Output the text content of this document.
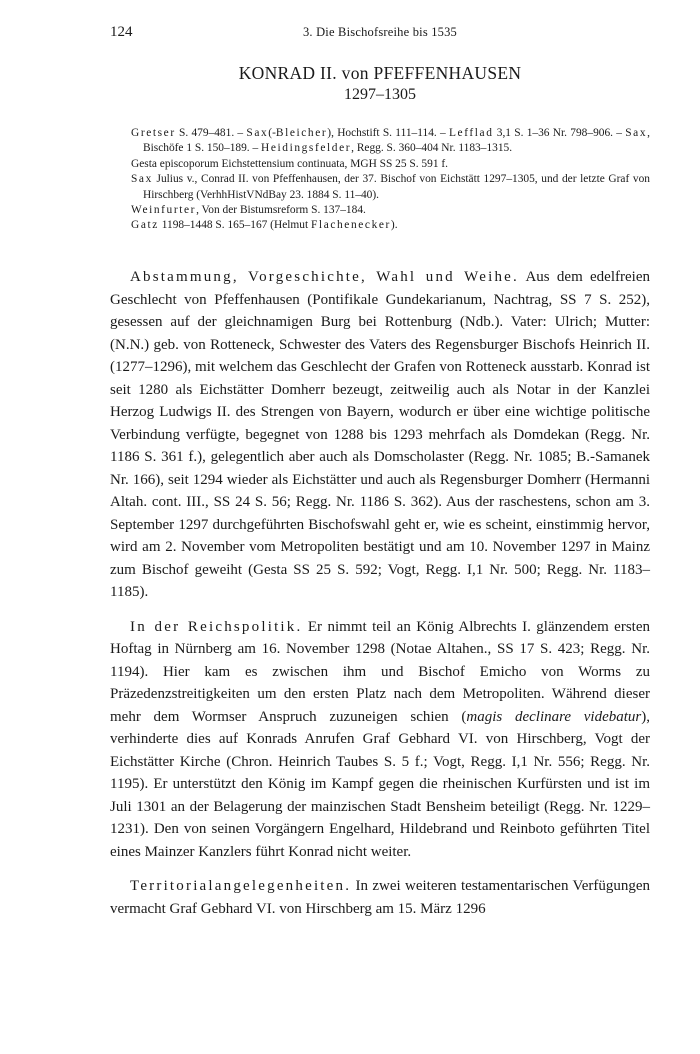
124	3. Die Bischofsreihe bis 1535
KONRAD II. von PFEFFENHAUSEN
1297–1305
Gretser S. 479–481. – Sax(-Bleicher), Hochstift S. 111–114. – Lefflad 3,1 S. 1–36 Nr. 798–906. – Sax, Bischöfe 1 S. 150–189. – Heidingsfelder, Regg. S. 360–404 Nr. 1183–1315.
Gesta episcoporum Eichstettensium continuata, MGH SS 25 S. 591 f.
Sax Julius v., Conrad II. von Pfeffenhausen, der 37. Bischof von Eichstätt 1297–1305, und der letzte Graf von Hirschberg (VerhhHistVNdBay 23. 1884 S. 11–40).
Weinfurter, Von der Bistumsreform S. 137–184.
Gatz 1198–1448 S. 165–167 (Helmut Flachenecker).

Abstammung, Vorgeschichte, Wahl und Weihe. Aus dem edelfreien Geschlecht von Pfeffenhausen (Pontifikale Gundekarianum, Nachtrag, SS 7 S. 252), gesessen auf der gleichnamigen Burg bei Rottenburg (Ndb.). Vater: Ulrich; Mutter: (N.N.) geb. von Rotteneck, Schwester des Vaters des Regensburger Bischofs Heinrich II. (1277–1296), mit welchem das Geschlecht der Grafen von Rotteneck ausstarb. Konrad ist seit 1280 als Eichstätter Domherr bezeugt, zeitweilig auch als Notar in der Kanzlei Herzog Ludwigs II. des Strengen von Bayern, wodurch er über eine wichtige politische Verbindung verfügte, begegnet von 1288 bis 1293 mehrfach als Domdekan (Regg. Nr. 1186 S. 361 f.), gelegentlich aber auch als Domscholaster (Regg. Nr. 1085; B.-Samanek Nr. 166), seit 1294 wieder als Eichstätter und auch als Regensburger Domherr (Hermanni Altah. cont. III., SS 24 S. 56; Regg. Nr. 1186 S. 362). Aus der raschestens, schon am 3. September 1297 durchgeführten Bischofswahl geht er, wie es scheint, einstimmig hervor, wird am 2. November vom Metropoliten bestätigt und am 10. November 1297 in Mainz zum Bischof geweiht (Gesta SS 25 S. 592; Vogt, Regg. I,1 Nr. 500; Regg. Nr. 1183–1185).

In der Reichspolitik. Er nimmt teil an König Albrechts I. glänzendem ersten Hoftag in Nürnberg am 16. November 1298 (Notae Altahen., SS 17 S. 423; Regg. Nr. 1194). Hier kam es zwischen ihm und Bischof Emicho von Worms zu Präzedenzstreitigkeiten um den ersten Platz nach dem Metropoliten. Während dieser mehr dem Wormser Anspruch zuzuneigen schien (magis declinare videbatur), verhinderte dies auf Konrads Anrufen Graf Gebhard VI. von Hirschberg, Vogt der Eichstätter Kirche (Chron. Heinrich Taubes S. 5 f.; Vogt, Regg. I,1 Nr. 556; Regg. Nr. 1195). Er unterstützt den König im Kampf gegen die rheinischen Kurfürsten und ist im Juli 1301 an der Belagerung der mainzischen Stadt Bensheim beteiligt (Regg. Nr. 1229–1231). Den von seinen Vorgängern Engelhard, Hildebrand und Reinboto geführten Titel eines Mainzer Kanzlers führt Konrad nicht weiter.

Territorialangelegenheiten. In zwei weiteren testamentarischen Verfügungen vermacht Graf Gebhard VI. von Hirschberg am 15. März 1296
